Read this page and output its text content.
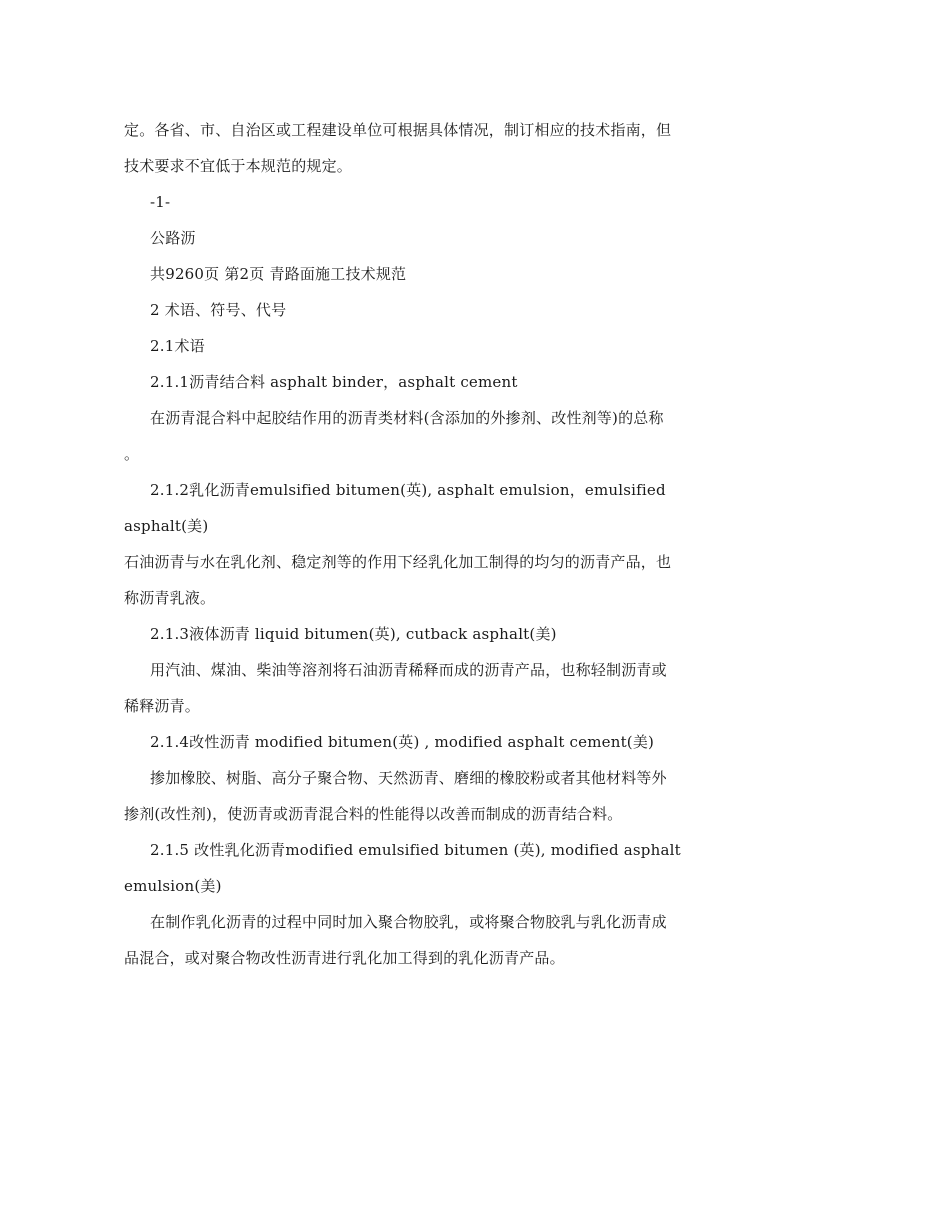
定。各省、市、自治区或工程建设单位可根据具体情况，制订相应的技术指南，但
技术要求不宜低于本规范的规定。
-1-
公路沥
共9260页 第2页 青路面施工技术规范
2 术语、符号、代号
2.1术语
2.1.1沥青结合料 asphalt binder，asphalt cement
在沥青混合料中起胶结作用的沥青类材料(含添加的外掺剂、改性剂等)的总称
。
2.1.2乳化沥青emulsified bitumen(英), asphalt emulsion，emulsified
asphalt(美)
石油沥青与水在乳化剂、稳定剂等的作用下经乳化加工制得的均匀的沥青产品，也
称沥青乳液。
2.1.3液体沥青 liquid bitumen(英), cutback asphalt(美)
用汽油、煤油、柴油等溶剂将石油沥青稀释而成的沥青产品，也称轻制沥青或
稀释沥青。
2.1.4改性沥青 modified bitumen(英) , modified asphalt cement(美)
掺加橡胶、树脂、高分子聚合物、天然沥青、磨细的橡胶粉或者其他材料等外
掺剂(改性剂)，使沥青或沥青混合料的性能得以改善而制成的沥青结合料。
2.1.5 改性乳化沥青modified emulsified bitumen (英), modified asphalt
emulsion(美)
在制作乳化沥青的过程中同时加入聚合物胶乳，或将聚合物胶乳与乳化沥青成
品混合，或对聚合物改性沥青进行乳化加工得到的乳化沥青产品。
